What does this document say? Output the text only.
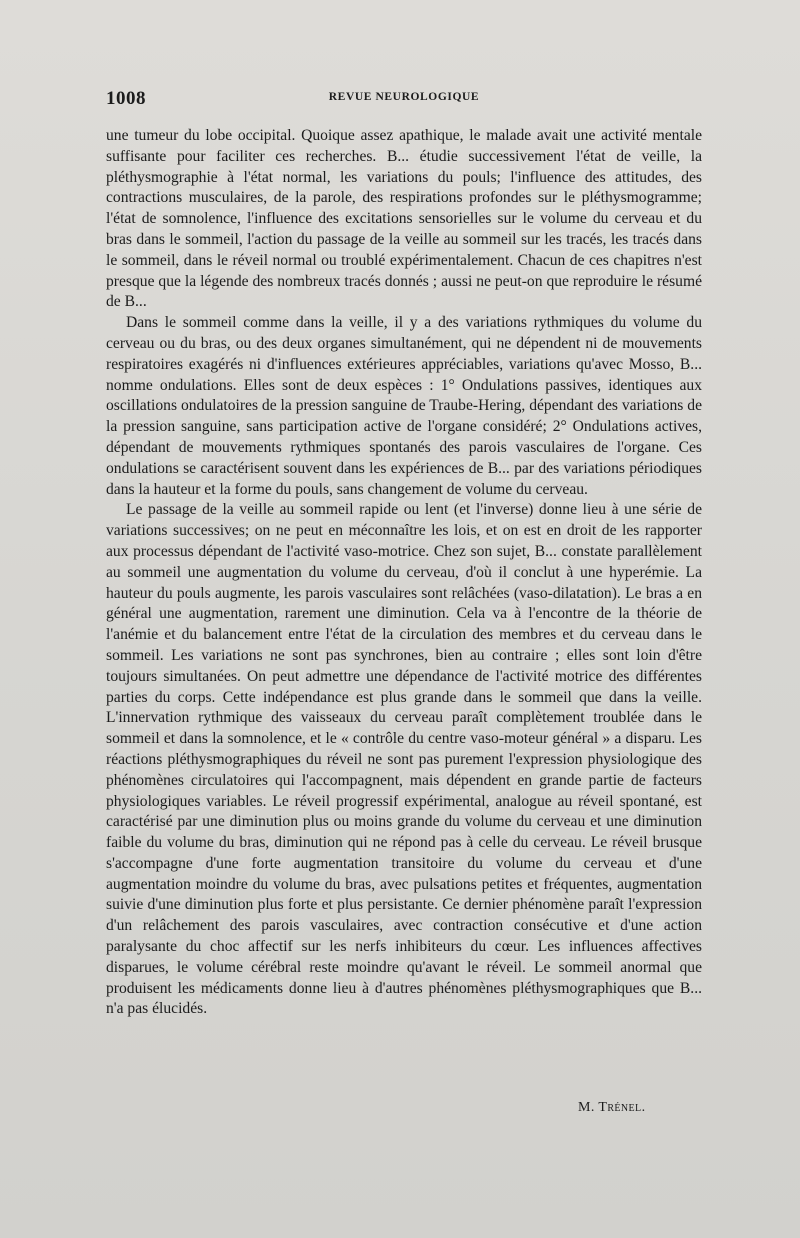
1008	REVUE NEUROLOGIQUE

une tumeur du lobe occipital. Quoique assez apathique, le malade avait une activité mentale suffisante pour faciliter ces recherches. B... étudie successivement l'état de veille, la pléthysmographie à l'état normal, les variations du pouls; l'influence des attitudes, des contractions musculaires, de la parole, des respirations profondes sur le pléthysmogramme; l'état de somnolence, l'influence des excitations sensorielles sur le volume du cerveau et du bras dans le sommeil, l'action du passage de la veille au sommeil sur les tracés, les tracés dans le sommeil, dans le réveil normal ou troublé expérimentalement. Chacun de ces chapitres n'est presque que la légende des nombreux tracés donnés ; aussi ne peut-on que reproduire le résumé de B...

Dans le sommeil comme dans la veille, il y a des variations rythmiques du volume du cerveau ou du bras, ou des deux organes simultanément, qui ne dépendent ni de mouvements respiratoires exagérés ni d'influences extérieures appréciables, variations qu'avec Mosso, B... nomme ondulations. Elles sont de deux espèces : 1° Ondulations passives, identiques aux oscillations ondulatoires de la pression sanguine de Traube-Hering, dépendant des variations de la pression sanguine, sans participation active de l'organe considéré; 2° Ondulations actives, dépendant de mouvements rythmiques spontanés des parois vasculaires de l'organe. Ces ondulations se caractérisent souvent dans les expériences de B... par des variations périodiques dans la hauteur et la forme du pouls, sans changement de volume du cerveau.

Le passage de la veille au sommeil rapide ou lent (et l'inverse) donne lieu à une série de variations successives; on ne peut en méconnaître les lois, et on est en droit de les rapporter aux processus dépendant de l'activité vaso-motrice. Chez son sujet, B... constate parallèlement au sommeil une augmentation du volume du cerveau, d'où il conclut à une hyperémie. La hauteur du pouls augmente, les parois vasculaires sont relâchées (vaso-dilatation). Le bras a en général une augmentation, rarement une diminution. Cela va à l'encontre de la théorie de l'anémie et du balancement entre l'état de la circulation des membres et du cerveau dans le sommeil. Les variations ne sont pas synchrones, bien au contraire ; elles sont loin d'être toujours simultanées. On peut admettre une dépendance de l'activité motrice des différentes parties du corps. Cette indépendance est plus grande dans le sommeil que dans la veille. L'innervation rythmique des vaisseaux du cerveau paraît complètement troublée dans le sommeil et dans la somnolence, et le « contrôle du centre vaso-moteur général » a disparu. Les réactions pléthysmographiques du réveil ne sont pas purement l'expression physiologique des phénomènes circulatoires qui l'accompagnent, mais dépendent en grande partie de facteurs physiologiques variables. Le réveil progressif expérimental, analogue au réveil spontané, est caractérisé par une diminution plus ou moins grande du volume du cerveau et une diminution faible du volume du bras, diminution qui ne répond pas à celle du cerveau. Le réveil brusque s'accompagne d'une forte augmentation transitoire du volume du cerveau et d'une augmentation moindre du volume du bras, avec pulsations petites et fréquentes, augmentation suivie d'une diminution plus forte et plus persistante. Ce dernier phénomène paraît l'expression d'un relâchement des parois vasculaires, avec contraction consécutive et d'une action paralysante du choc affectif sur les nerfs inhibiteurs du cœur. Les influences affectives disparues, le volume cérébral reste moindre qu'avant le réveil. Le sommeil anormal que produisent les médicaments donne lieu à d'autres phénomènes pléthysmographiques que B... n'a pas élucidés.

M. Trénel.
